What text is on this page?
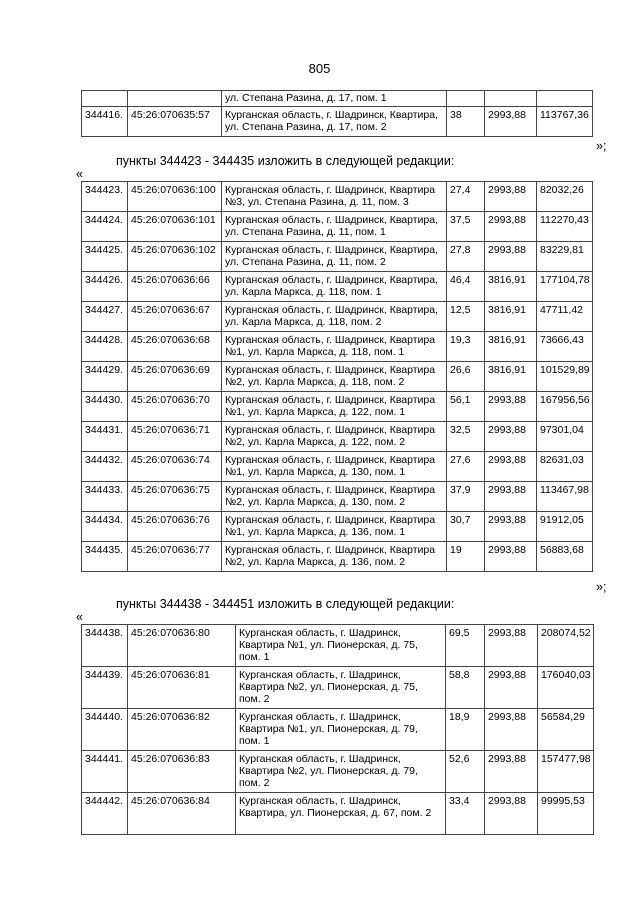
805
		ул. Степана Разина, д. 17, пом. 1			
344416.	45:26:070635:57	Курганская область, г. Шадринск, Квартира, ул. Степана Разина, д. 17, пом. 2	38	2993,88	113767,36
»;
пункты 344423 - 344435 изложить в следующей редакции:
«
344423.	45:26:070636:100	Курганская область, г. Шадринск, Квартира №3, ул. Степана Разина, д. 11, пом. 3	27,4	2993,88	82032,26
344424.	45:26:070636:101	Курганская область, г. Шадринск, Квартира, ул. Степана Разина, д. 11, пом. 1	37,5	2993,88	112270,43
344425.	45:26:070636:102	Курганская область, г. Шадринск, Квартира, ул. Степана Разина, д. 11, пом. 2	27,8	2993,88	83229,81
344426.	45:26:070636:66	Курганская область, г. Шадринск, Квартира, ул. Карла Маркса, д. 118, пом. 1	46,4	3816,91	177104,78
344427.	45:26:070636:67	Курганская область, г. Шадринск, Квартира, ул. Карла Маркса, д. 118, пом. 2	12,5	3816,91	47711,42
344428.	45:26:070636:68	Курганская область, г. Шадринск, Квартира №1, ул. Карла Маркса, д. 118, пом. 1	19,3	3816,91	73666,43
344429.	45:26:070636:69	Курганская область, г. Шадринск, Квартира №2, ул. Карла Маркса, д. 118, пом. 2	26,6	3816,91	101529,89
344430.	45:26:070636:70	Курганская область, г. Шадринск, Квартира №1, ул. Карла Маркса, д. 122, пом. 1	56,1	2993,88	167956,56
344431.	45:26:070636:71	Курганская область, г. Шадринск, Квартира №2, ул. Карла Маркса, д. 122, пом. 2	32,5	2993,88	97301,04
344432.	45:26:070636:74	Курганская область, г. Шадринск, Квартира №1, ул. Карла Маркса, д. 130, пом. 1	27,6	2993,88	82631,03
344433.	45:26:070636:75	Курганская область, г. Шадринск, Квартира №2, ул. Карла Маркса, д. 130, пом. 2	37,9	2993,88	113467,98
344434.	45:26:070636:76	Курганская область, г. Шадринск, Квартира №1, ул. Карла Маркса, д. 136, пом. 1	30,7	2993,88	91912,05
344435.	45:26:070636:77	Курганская область, г. Шадринск, Квартира №2, ул. Карла Маркса, д. 136, пом. 2	19	2993,88	56883,68
»;
пункты 344438 - 344451 изложить в следующей редакции:
«
344438.	45:26:070636:80	Курганская область, г. Шадринск, Квартира №1, ул. Пионерская, д. 75, пом. 1	69,5	2993,88	208074,52
344439.	45:26:070636:81	Курганская область, г. Шадринск, Квартира №2, ул. Пионерская, д. 75, пом. 2	58,8	2993,88	176040,03
344440.	45:26:070636:82	Курганская область, г. Шадринск, Квартира №1, ул. Пионерская, д. 79, пом. 1	18,9	2993,88	56584,29
344441.	45:26:070636:83	Курганская область, г. Шадринск, Квартира №2, ул. Пионерская, д. 79, пом. 2	52,6	2993,88	157477,98
344442.	45:26:070636:84	Курганская область, г. Шадринск, Квартира, ул. Пионерская, д. 67, пом. 2	33,4	2993,88	99995,53
